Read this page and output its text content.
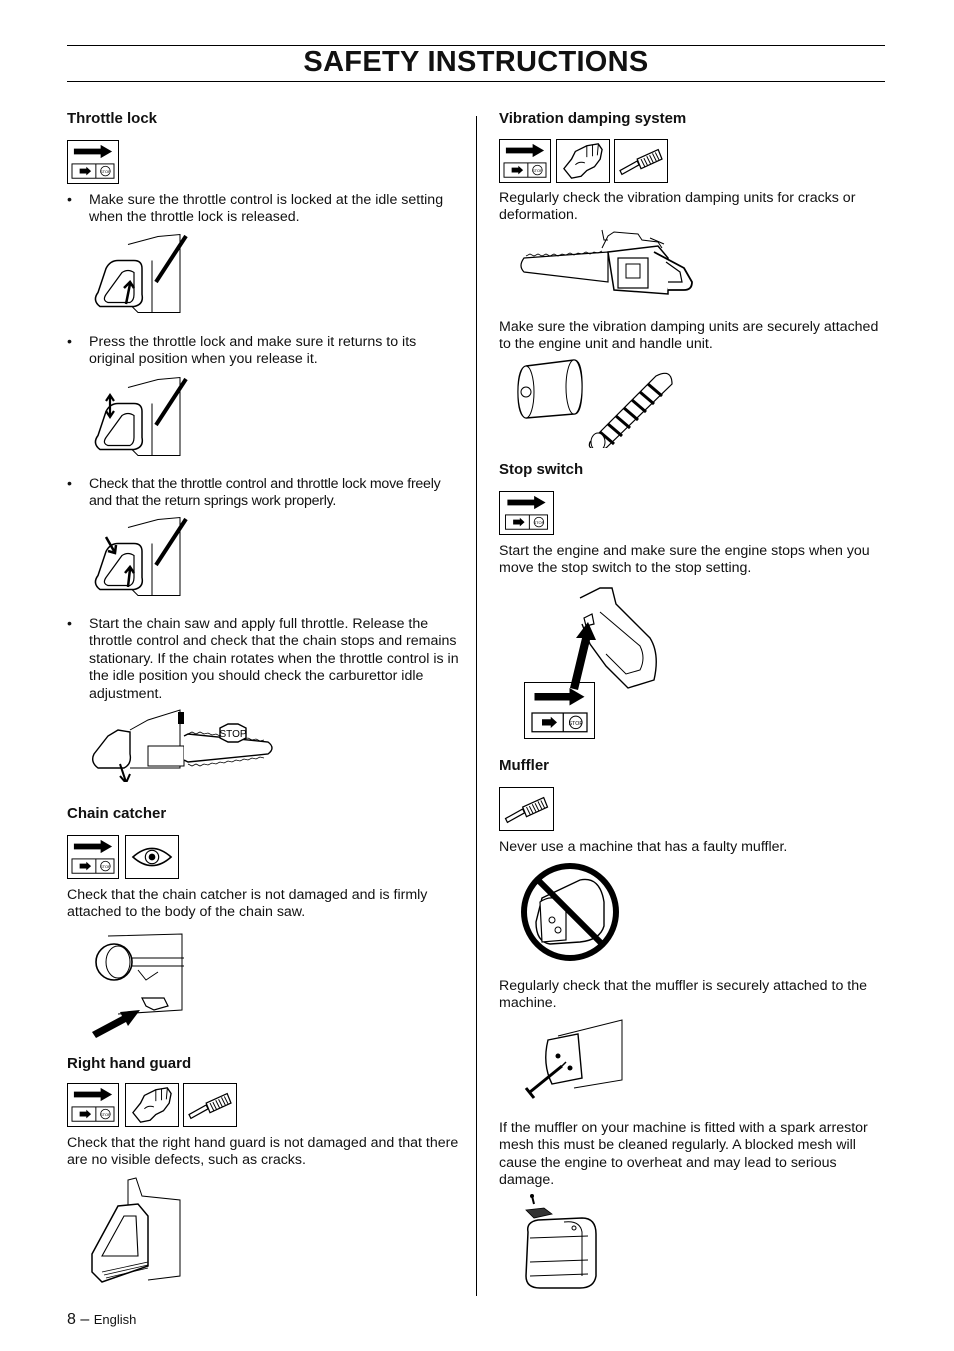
SAFETY INSTRUCTIONS
Throttle lock
• Make sure the throttle control is locked at the idle setting when the throttle lock is released.
• Press the throttle lock and make sure it returns to its original position when you release it.
• Check that the throttle control and throttle lock move freely and that the return springs work properly.
• Start the chain saw and apply full throttle. Release the throttle control and check that the chain stops and remains stationary. If the chain rotates when the throttle control is in the idle position you should check the carburettor idle adjustment.
STOP
Chain catcher
Check that the chain catcher is not damaged and is firmly attached to the body of the chain saw.
Right hand guard
Check that the right hand guard is not damaged and that there are no visible defects, such as cracks.
Vibration damping system
Regularly check the vibration damping units for cracks or deformation.
Make sure the vibration damping units are securely attached to the engine unit and handle unit.
Stop switch
Start the engine and make sure the engine stops when you move the stop switch to the stop setting.
Muffler
Never use a machine that has a faulty muffler.
Regularly check that the muffler is securely attached to the machine.
If the muffler on your machine is fitted with a spark arrestor mesh this must be cleaned regularly. A blocked mesh will cause the engine to overheat and may lead to serious damage.
8 – English
